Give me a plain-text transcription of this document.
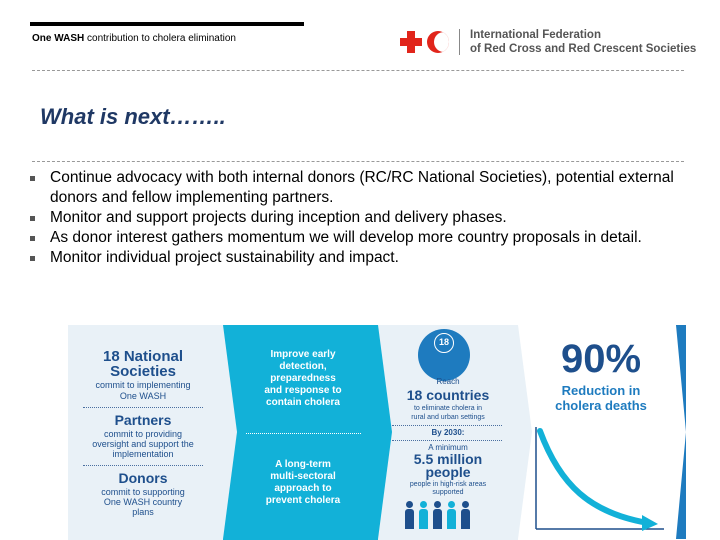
One WASH contribution to cholera elimination	International Federation
of Red Cross and Red Crescent Societies
What is next……..
Continue advocacy with both internal donors (RC/RC National Societies), potential external donors and fellow implementing partners.
Monitor and support projects during inception and delivery phases.
As donor interest gathers momentum we will develop more country proposals in detail.
Monitor individual project sustainability and impact.
18 National
Societies
commit to implementing
One WASH
Partners
commit to providing
oversight and support the
implementation
Donors
commit to supporting
One WASH country
plans
Improve early
detection,
preparedness
and response to
contain cholera
A long-term
multi-sectoral
approach to
prevent cholera
18
Reach
18 countries
to eliminate cholera in
rural and urban settings
By 2030:
A minimum
5.5 million
people
people in high-risk areas
supported
90%
Reduction in
cholera deaths
